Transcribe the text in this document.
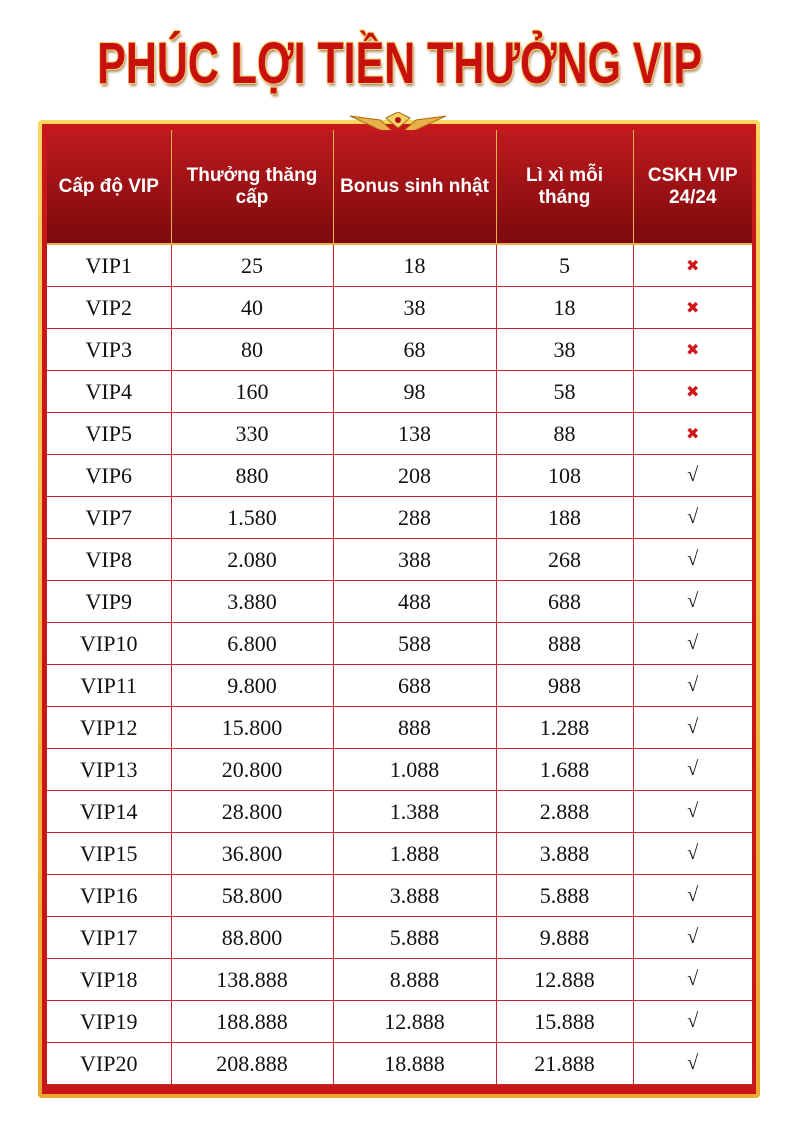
Cấp độ VIP	Thưởng thăng cấp	Bonus sinh nhật	Lì xì mỗi tháng	CSKH VIP 24/24
VIP1	25	18	5	✖
VIP2	40	38	18	✖
VIP3	80	68	38	✖
VIP4	160	98	58	✖
VIP5	330	138	88	✖
VIP6	880	208	108	√
VIP7	1.580	288	188	√
VIP8	2.080	388	268	√
VIP9	3.880	488	688	√
VIP10	6.800	588	888	√
VIP11	9.800	688	988	√
VIP12	15.800	888	1.288	√
VIP13	20.800	1.088	1.688	√
VIP14	28.800	1.388	2.888	√
VIP15	36.800	1.888	3.888	√
VIP16	58.800	3.888	5.888	√
VIP17	88.800	5.888	9.888	√
VIP18	138.888	8.888	12.888	√
VIP19	188.888	12.888	15.888	√
VIP20	208.888	18.888	21.888	√
PHÚC LỢI TIỀN THƯỞNG VIP
